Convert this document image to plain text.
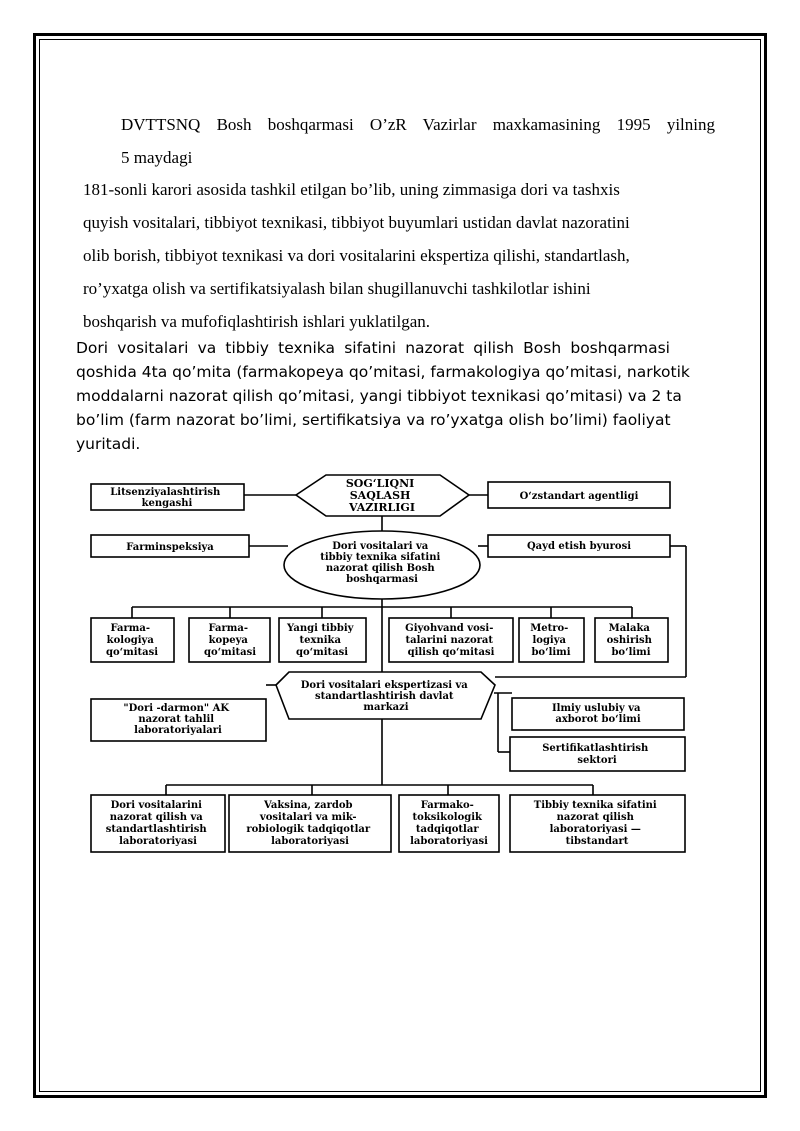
DVTTSNQ Bosh boshqarmasi O’zR Vazirlar maxkamasining 1995 yilning
5 maydagi
181-sonli karori asosida tashkil etilgan bo’lib, uning zimmasiga dori va tashxis
quyish vositalari, tibbiyot texnikasi, tibbiyot buyumlari ustidan davlat nazoratini
olib borish, tibbiyot texnikasi va dori vositalarini ekspertiza qilishi, standartlash,
ro’yxatga olish va sertifikatsiyalash bilan shugillanuvchi tashkilotlar ishini
boshqarish va mufofiqlashtirish ishlari yuklatilgan.
Dori vositalari va tibbiy texnika sifatini nazorat qilish Bosh boshqarmasi
qoshida 4ta qo’mita (farmakopeya qo’mitasi, farmakologiya qo’mitasi, narkotik
moddalarni nazorat qilish qo’mitasi, yangi tibbiyot texnikasi qo’mitasi) va 2 ta
bo’lim (farm nazorat bo’limi, sertifikatsiya va ro’yxatga olish bo’limi) faoliyat
yuritadi.
SOG‘LIQNI SAQLASH VAZIRLIGI
Litsenziyalashtirish kengashi
O‘zstandart agentligi
Farminspeksiya	Qayd etish byurosi
Dori vositalari va tibbiy texnika sifatini nazorat qilish Bosh boshqarmasi
Farma- kologiya qo‘mitasi
Farma- kopeya qo‘mitasi
Yangi tibbiy texnika qo‘mitasi
Giyohvand vosi- talarini nazorat qilish qo‘mitasi
Metro- logiya bo‘limi
Malaka oshirish bo‘limi
Dori vositalari ekspertizasi va standartlashtirish davlat markazi
"Dori -darmon" AK nazorat tahlil laboratoriyalari
Ilmiy uslubiy va axborot bo‘limi
Sertifikatlashtirish sektori
Dori vositalarini nazorat qilish va standartlashtirish laboratoriyasi
Vaksina, zardob vositalari va mik- robiologik tadqiqotlar laboratoriyasi
Farmako- toksikologik tadqiqotlar laboratoriyasi
Tibbiy texnika sifatini nazorat qilish laboratoriyasi — tibstandart
